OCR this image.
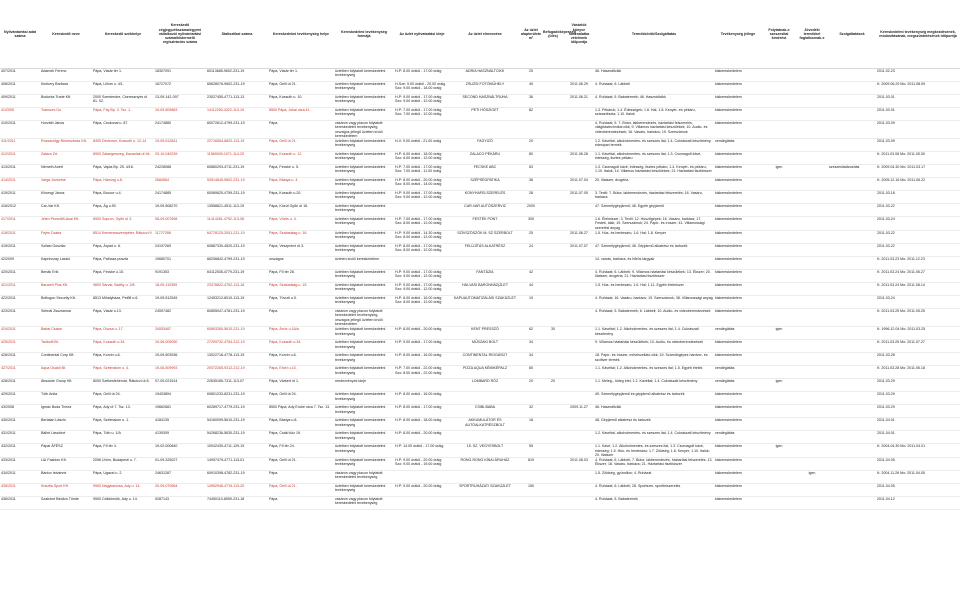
Nyilvántartási adat száma	Kereskedő neve	Kereskedő székhelye	Kereskedő cégjegyzékszáma/egyéni vállalkozói nyilvántartási száma/kistermelő regisztrációs száma	Statisztikai száma	Kereskedelmi tevékenység helye	Kereskedelmi tevékenység formája	Az üzlet nyitvatartási ideje	Az üzlet elnevezése	Az üzlet alapterülete m²	Befogadóképesség (ülés)	Vásárlók könyve használatba vételének időpontja	Termékkörök/Szolgáltatás	Tevékenység jellege	Folytatnak-e szeszesital kimérést	Jövedéki termékkel foglalkoznak-e	Szolgáltatások	Kereskedelmi tevékenység megkezdésének, módosításának, megszüntetésének időpontja
407/2011	Adamek Ferenc	Pápa, Vásár tér 1.	18307091	60113685-9602-231-19	Pápa, Vásár tér 1.	üzletben folytatott kereskedelmi tevékenység	H-P: 8.00 órától - 17.00 óráig	ADRIA HASZNÁLTCIKK	25			46. Használtcikk	kiskereskedelem				2011.02.23
408/2011	Kedvery Barbara	Pápa, Liliom u. 4/1.	16727072	65628076-9602-231-19	Pápa, Gelli út 21.	üzletben folytatott kereskedelmi tevékenység	H-Sze: 9.00 órától - 20.00 óráig Szo: 9.00 órától - 18.00 óráig	ZSUZSI FOTÓMŰHELY	49		2011.06.29	4. Ruházat; 6. Lábbeli	kiskereskedelem				K: 2009.06.29 Mo: 2011.08.09
409/2011	Bodorka Trade Kft.	2000 Szentendre, Cseresznyés út 81. 02.	13-09-142-097	23027455-4771-113-13	Pápa, Kossuth u. 10.	üzletben folytatott kereskedelmi tevékenység	H-P: 9.00 órától - 17.00 óráig Szo: 9.00 órától - 12.00 óráig	SECOND HASZNÁLTRUHA	36		2011.06.21	4. Ruházat; 5. Babatermék; 46. Használtcikk	kiskereskedelem				2011.03.01
41/2005	Transzer-Go	Pápa, Fáy Bp. 3. Tsz. 1.	19-09-509883	14112250-4322-113-19	8500 Pápa, Jókai utca 41.	üzletben folytatott kereskedelmi tevékenység	H-P: 7.00 órától - 17.00 óráig Szo: 7.00 órától - 12.00 óráig	PETI HÓSZIGET	82			1.3. Pékáruk; 1.4. Édességek; 1.6. Hal; 1.8. Kenyér- és pékáru, száraztészta; 1.10. Italok	kiskereskedelem				2011.03.01
410/2011	Horváth János	Pápa, Csokonai u. 87.	24174880	60072612-4799-231-19	Pápa	vásáron vagy piacon folytatott kereskedelmi tevékenység, országos jellegű üzleten kívüli kereskedelem						4. Ruházat; 5. 7. Bútor, lakberendezés, háztartási felszerelés, világítástechnikai cikk; 9. Villamos háztartási készülékek; 10. Audio- és videoberendezések; 16. Vasáru, barkács; 19. Szerszámok	kiskereskedelem				2011.03.09
411/2011	Rózsavölgy Reneszánsz Kft.	8400 Devecser, Kossuth u. 12-14	19-09-512841	22716554-6820-113-19	Pápa, Gelli út 21.	üzletben folytatott kereskedelmi tevékenység	H-V: 9.00 órától - 21.00 óráig	FAGYIZÓ	20			1.2. Kávéital, alkoholmentes- és szeszes ital; 1.4. Cukrászati készítmény, édesipari termék	vendéglátás				2011.03.09
412/2011	Zalaco Zrt.	8900 Zalaegerszeg, Kazanlak út 94.	20-10-040239	11569009-1071-114-20	Pápa, Kossuth u. 12.	üzletben folytatott kereskedelmi tevékenység	H-P: 6.00 órától - 18.00 óráig Szo: 6.00 órától - 12.00 óráig	ZALACO PÉKÁRU	80		2011.06.28	1.1. Kávéital, alkoholmentes- és szeszes ital; 1.3. Csomagolt kávé, édesség, lisztes pékáru	kiskereskedelem				K: 2011.03.08 Mo: 2011.05.30
413/2011	Németh Anett	Pápa, Vajda Bp. 25. 4/16.	24228088	60880293-4711-231-19	Pápa, Fecske u. 5.	üzletben folytatott kereskedelmi tevékenység	H-P: 7.00 órától - 17.00 óráig Szo: 7.00 órától - 11.00 óráig	FECSKE ABC	63			1.3. Csomagolt kávé, édesség, lisztes pékáru; 1.4. Kenyér- és pékáru; 1.10. Italok; 14. Villamos háztartási készülékek; 21. Háztartási tisztítószer	kiskereskedelem	igen		szeszesitalárusítás	K: 2009.04.30 Mo: 2011.03.17
414/2011	Varga Józsefné	Pápa, Hársing u.8.	2684564	53914645-9602-231-19	Pápa, Bástya u. 4.	üzletben folytatott kereskedelmi tevékenység	H-P: 8.00 órától - 20.00 óráig Szo: 8.00 órától - 14.00 óráig	SZÉPSÉGPATIKA	36		2011.07.04	20. Illatszer, drogéria	kiskereskedelem				K: 2005.12.16 Mo: 2011.06.22
415/2011	Kövesgi János	Pápa, Boccor u.4.	24174885	60089625-4759-231-19	Pápa, Kossuth u.20.	üzletben folytatott kereskedelmi tevékenység	H-P: 9.00 órától - 17.00 óráig Szo: 9.00 órától - 12.00 óráig	KONYHAFELSZERELÉS	28		2011.07.05	3. Textil; 7. Bútor, lakberendezés, háztartási felszerelés; 16. Vasáru, barkács	kiskereskedelem				2011.03.18
416/2012	Car-Var Kft.	Pápa, Ág u.90	19-09-508270	13558621-4511-113-19	Pápa, Közút Győri út 16.	üzletben folytatott kereskedelmi tevékenység		CAR-VAR AUTÓSZERVIZ	2000			47. Személygépjármű; 48. Egyéb gépjármű	kiskereskedelem				2011.03.22
417/2011	Jelen Pezsdítő-Asai Kft.	8900 Sopron, Győri út 3.	08-09-007698	11414281-4752-113-08	Pápa, Vörös u. 4.	üzletben folytatott kereskedelmi tevékenység	H-P: 7.00 órától - 17.00 óráig Szo: 8.00 órától - 12.00 óráig	FESTÉK PONT	300			1.6. Élelmiszer; 3. Textil; 12. Húszőgépek; 16. Vasáru, barkács; 17. Festék, lakk; 19. Szerszámok; 24. Papír- és írószer; 41. Villamossági szerelési anyag	kiskereskedelem				2011.03.24
418/2011	Fejes Csaba	8514 Kemenesszentpéter, Rákóczi 9.	11727398	64778125-2051-231-19	Pápa, Szabadság u. 16.	üzletben folytatott kereskedelmi tevékenység	H-P: 9.00 órától - 14.30 óráig Szo: 8.00 órától - 12.00 óráig	SZÍVSZÖSZÓK M. SZ.SZERBOLT	25		2011.06.27	1.5. Hús- és hentesáru; 1.6. Hal; 1.8. Kenyér	kiskereskedelem				2011.03.22
419/2011	Szilasi Gusztáv	Pápa, Árpád u. 6.	24197269	60887330-4520-231-19	Pápa, Veszprémi út 3.	üzletben folytatott kereskedelmi tevékenység	H-P: 8.00 órától - 17.00 óráig Szo: 8.00 órától - 12.00 óráig	FELÚJÍTÁS ALKATRÉSZ	24		2011.07.07	47. Személygépjármű; 48. Gépjármű alkatrész és tartozék	kiskereskedelem				2011.03.22
42/2009	Kaprinczay László	Pápa, Palhaza puszta	19680701	66206842-4799-231-19	országos	üzleten kívüli kereskedelem						14. varrás, barkács, és bőrös tárgyak	kiskereskedelem				K: 2011.03.23 Mo: 2011.12.23
420/2011	Benák Erik	Pápa, Fecske u.15.	9191353	64112535-4779-231-19	Pápa, Fő tér 28.	üzletben folytatott kereskedelmi tevékenység	H-P: 9.00 órától - 17.00 óráig Szo: 9.00 órától - 12.00 óráig	FANTÁZIA	42			4. Ruházat; 6. Lábbeli; 9. Villamos háztartási készülékek; 13. Ékszer; 20. Illatszer, drogéria; 21. Háztartási tisztítószer	kiskereskedelem				K: 2011.03.24 Mo: 2011.06.27
421/2011	Barareti Plus Kft.	9600 Sárvár, Batthy u. 2/8.	18-09-110359	23376822-4752-113-18	Pápa, Szabadság u. 15.	üzletben folytatott kereskedelmi tevékenység	H-P: 9.00 órától - 17.00 óráig Szo: 9.00 órától - 12.00 óráig	HAI-VASI BARONHÁZ(ZLET	44			1.5. Hús- és hentesáru; 1.6. Hal; 1.11. Egyéb élelmiszer	kiskereskedelem				K: 2011.03.24 Mo: 2011.08.14
422/2011	Boftogon Security Kft.	8513 Mihályháza, Petőfi u.6.	19-09-512545	12453212-8010-113-19	Pápa, Tóvízti u.5.	üzletben folytatott kereskedelmi tevékenység	H-P: 8.00 órától - 16.00 óráig Szo: 8.00 órától - 12.00 óráig	KAPUAUTOMATIZÁLÁSI SZAKÜZLET	19			4. Ruházat; 16. Vasáru, barkács; 19. Szerszámok; 38. Villamossági anyag	kiskereskedelem				2011.03.24
423/2011	Sebnál Zsuzsanna	Pápa, Vásár u.13.	24597482	60855047-4781-231-19	Pápa	vásáron vagy piacon folytatott kereskedelmi tevékenység, országos jellegű üzleten kívüli kereskedelem						4. Ruházat; 5. Babatermék; 6. Lábbeli; 10. Audio- és videoberendezések	kiskereskedelem				K: 2011.03.25 Mo: 2011.05.25
424/2011	Babai Csaba	Pápa, Dózsa u. 17.	24053487	60893260-5610-231-19	Pápa, Árvíz u.16/a.	üzletben folytatott kereskedelmi tevékenység	H-P: 8.00 órától - 20.00 óráig	KENT PRESSZÓ	62	30		1.1. Kávéital; 1.2. Alkoholmentes- és szeszes ital; 1.4. Cukrászati készítmény	vendéglátás	igen			K: 1996.12.04 Mo: 2011.03.25
425/2011	Tanbolti Bt.	Pápa, Kossuth u.34.	19-06-009050	27209732-4754-212-19	Pápa, Kossuth u.34.	üzletben folytatott kereskedelmi tevékenység	H-P: 9.00 órától - 17.00 óráig	MŰSZAKI BOLT	34			9. Villamos háztartási készülékek; 10. Audio- és videoberendezések	kiskereskedelem				K: 2011.03.25 Mo: 2011.07.27
426/2011	Continental Corp Kft.	Pápa, Korvin u.6.	19-09-503936	13022716-4778-113-19	Pápa, Korvin u.6.	üzletben folytatott kereskedelmi tevékenység	H-P: 8.00 órától - 16.00 óráig	CONTINENTAL RIOGÁSÚT	34			18. Papír- és írószer, művészellátó cikk; 19. Számítógépes hardver- és szoftver termék	kiskereskedelem				2011.03.28
427/2011	Aqua Osaldi Bt.	Pápa, Szélmalom u. 4.	19-06-509993	20072265-9312-212-19	Pápa, Erkel u.15.	üzletben folytatott kereskedelmi tevékenység	H-P: 7.00 órától - 22.00 óráig Szo: 8.00 órától - 22.00 óráig	PIZZA AQUA KÉMIKÉPALZ	80			1.1. Kávéital; 1.2. Alkoholmentes- és szeszes ital; 1.5. Egyéb ételek	vendéglátás				K: 2011.03.28 Mo: 2011.06.18
428/2011	Absolute Group Kft.	8000 Székesfehérvár, Rákóczi út 8.	07-09-021514	22635185-7311-113-07	Pápa, Várkert út 1.	rendezvények ideje		LOMBARD RÓZ	20	20		1.1. Meleg-, hideg étel; 1.2. Kávéital; 1.4. Cukrászati készítmény	vendéglátás	igen			2011.03.29
429/2011	Tóth Anita	Pápa, Gelli út 24.	19403894	60801233-8231-231-19	Pápa, Gelli út 24.	üzletben folytatott kereskedelmi tevékenység	H-P: 8.00 órától - 16.00 óráig					49. Személygépjármű és gépjármű alkatrész és tartozék	kiskereskedelem				2011.03.29
43/2008	Igmác Boda Tímea	Pápa, Ady út 7. Tsz. 13.	19662681	60289717-4779-231-19	8500 Pápa, Ady Endre utca 7. Tsz. 13.	üzletben folytatott kereskedelmi tevékenység	H-P: 8.00 órától - 17.00 óráig	CSIBI-BABA	32		2009.11.27	46. Használtcikk	kiskereskedelem				2011.03.29
430/2011	Bertalan László	Pápa, Szélmalom u. 1.	4184135	54160099-5610-231-19	Pápa, Bástya u.8.	üzletben folytatott kereskedelmi tevékenység	H-P: 8.00 órától - 18.00 óráig	AKKUMULÁTOR ÉS AUTÓALKATRÉSZBOLT	18			48. Gépjármű alkatrész és tartozék	kiskereskedelem				2011.04.01
431/2011	Bálint Lászlóné	Pápa, Tóth u. 1/A	4139309	54268236-5630-231-19	Pápa, Csáki köz 19.	üzletben folytatott kereskedelmi tevékenység	H-P: 8.00 órától - 20.00 óráig					1.2. Kávéital, alkoholmentes- és szeszes ital; 1.4. Cukrászati készítmény	vendéglátás				2011.04.01
432/2011	Pápai ÁFÉSZ	Pápa, Fő tér 4.	19-02-000840	10042430-4711-129-19	Pápa, Fő tér 24.	üzletben folytatott kereskedelmi tevékenység	H-P: 14.00 órától - 17.00 óráig	15. SZ. VEGYESBOLT	55			1.1. Kávé; 1.2. Alkoholmentes- és szeszes ital; 1.3. Csomagolt kávé, édesség; 1.5. Hús- és hentesáru; 1.7. Zöldség; 1.8. Kenyér; 1.10. Italok; 20. Illatszer	kiskereskedelem	igen			K: 2004.04.30 Mo: 2011.04.01
433/2011	L&I Fashion Kft.	2096 Üröm, Budapesti u. 7.	01-09-325027	14997479-4771-113-01	Pápa, Gelli út 21.	üzletben folytatott kereskedelmi tevékenység	H-P: 9.00 órától - 20.00 óráig Szo: 9.00 órától - 19.00 óráig	RONG-RONG KÍNAI ÁRUHÁZ	819		2011.08.03	4. Ruházat; 6. Lábbeli; 7. Bútor, lakberendezés, háztartási felszerelés; 13. Ékszer; 16. Vasáru, barkács; 21. Háztartási tisztítószer	kiskereskedelem				2011.04.05
434/2011	Bánicz Istvánné	Pápa, Ugacsi u. 2.	24631287	60910398-4782-231-19	Pápa	vásáron vagy piacon folytatott kereskedelmi tevékenység						1.5. Zöldség, gyümölcs; 4. Ruházat	kiskereskedelem		igen		K: 2004.11.26 Mo: 2011.04.05
435/2011	Krisztia Sport Kft.	9900 Nagykanizsa, Ady u. 14.	20-09-070584	14962946-4719-113-20	Pápa, Gelli út 21.	üzletben folytatott kereskedelmi tevékenység	H-P: 9.00 órától - 20.00 óráig	SPORTRUHÁZATI SZAKÜZLET	150			4. Ruházat; 6. Lábbeli; 28. Sportszer, sportfelszerelés	kiskereskedelem				2011.04.05
436/2011	Szabóné Bindics Tünde	9500 Celldömölk, Ady u. 14.	9287143	74450110-8559-231-18	Pápa	vásáron vagy piacon folytatott kereskedelmi tevékenység						4. Ruházat; 5. Babatermék	kiskereskedelem				2011.04.12
